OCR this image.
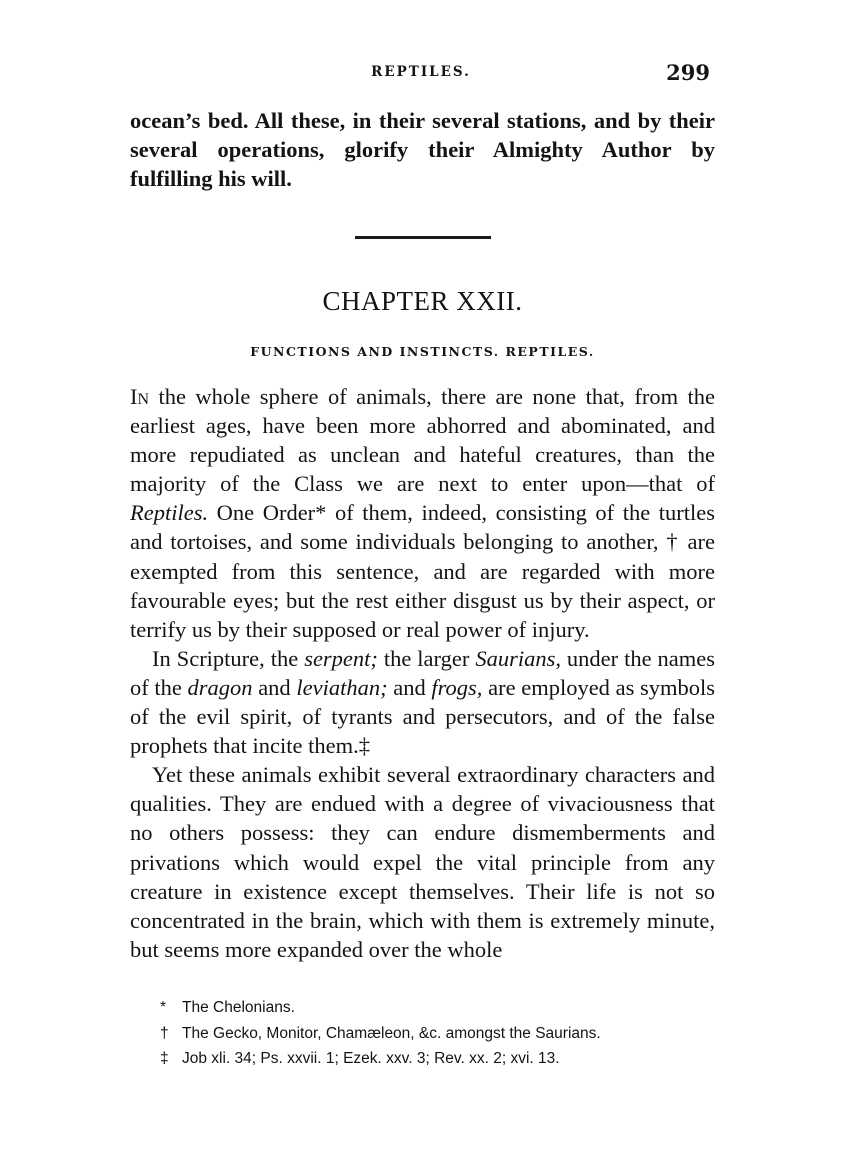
REPTILES.	299

ocean’s bed. All these, in their several stations, and by their several operations, glorify their Almighty Author by fulfilling his will.

CHAPTER XXII.
FUNCTIONS AND INSTINCTS. REPTILES.

In the whole sphere of animals, there are none that, from the earliest ages, have been more abhorred and abominated, and more repudiated as unclean and hateful creatures, than the majority of the Class we are next to enter upon—that of Reptiles. One Order* of them, indeed, consisting of the turtles and tortoises, and some individuals belonging to another, † are exempted from this sentence, and are regarded with more favourable eyes; but the rest either disgust us by their aspect, or terrify us by their supposed or real power of injury.

In Scripture, the serpent; the larger Saurians, under the names of the dragon and leviathan; and frogs, are employed as symbols of the evil spirit, of tyrants and persecutors, and of the false prophets that incite them.‡

Yet these animals exhibit several extraordinary characters and qualities. They are endued with a degree of vivaciousness that no others possess: they can endure dismemberments and privations which would expel the vital principle from any creature in existence except themselves. Their life is not so concentrated in the brain, which with them is extremely minute, but seems more expanded over the whole

* The Chelonians.
† The Gecko, Monitor, Chamæleon, &c. amongst the Saurians.
‡ Job xli. 34; Ps. xxvii. 1; Ezek. xxv. 3; Rev. xx. 2; xvi. 13.
